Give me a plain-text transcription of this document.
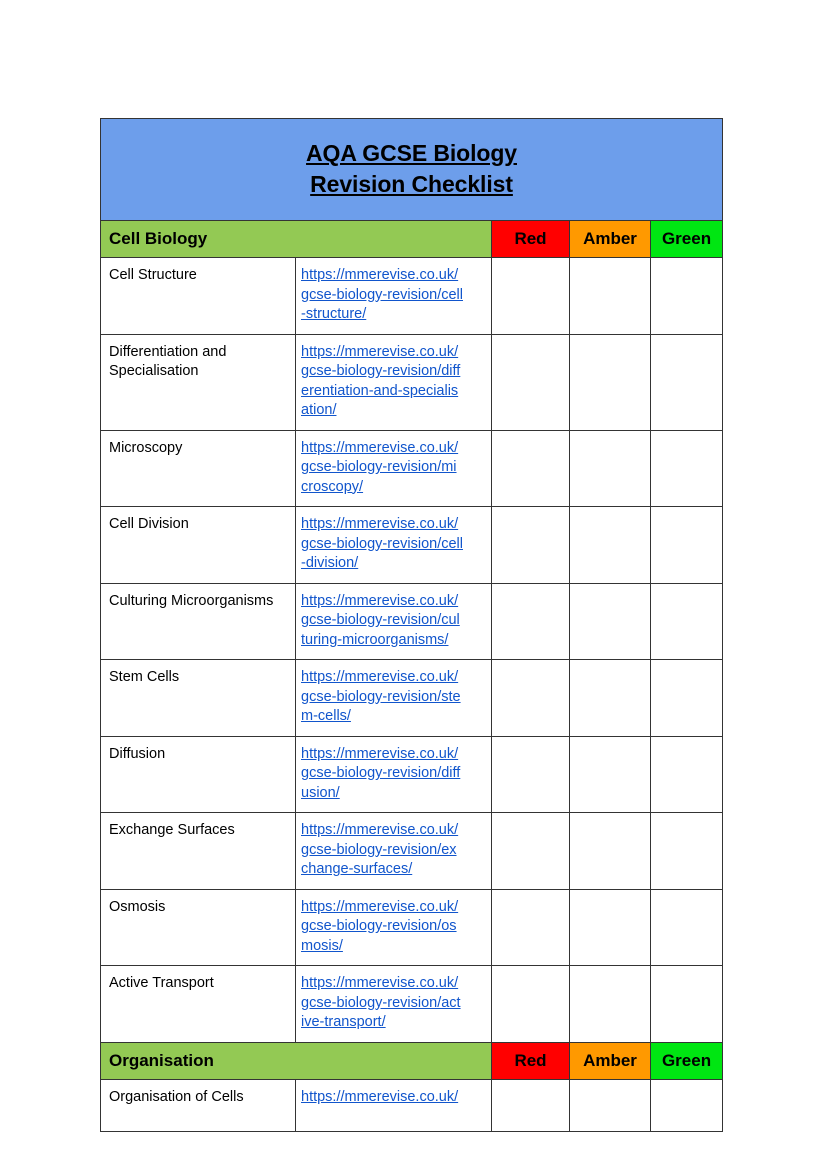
AQA GCSE Biology
Revision Checklist				

Cell Biology		Red	Amber	Green
Cell Structure	https://mmerevise.co.uk/
gcse-biology-revision/cell
-structure/			
Differentiation and Specialisation	https://mmerevise.co.uk/
gcse-biology-revision/diff
erentiation-and-specialis
ation/			
Microscopy	https://mmerevise.co.uk/
gcse-biology-revision/mi
croscopy/			
Cell Division	https://mmerevise.co.uk/
gcse-biology-revision/cell
-division/			
Culturing Microorganisms	https://mmerevise.co.uk/
gcse-biology-revision/cul
turing-microorganisms/			
Stem Cells	https://mmerevise.co.uk/
gcse-biology-revision/ste
m-cells/			
Diffusion	https://mmerevise.co.uk/
gcse-biology-revision/diff
usion/			
Exchange Surfaces	https://mmerevise.co.uk/
gcse-biology-revision/ex
change-surfaces/			
Osmosis	https://mmerevise.co.uk/
gcse-biology-revision/os
mosis/			
Active Transport	https://mmerevise.co.uk/
gcse-biology-revision/act
ive-transport/			
Organisation		Red	Amber	Green
Organisation of Cells	https://mmerevise.co.uk/			
